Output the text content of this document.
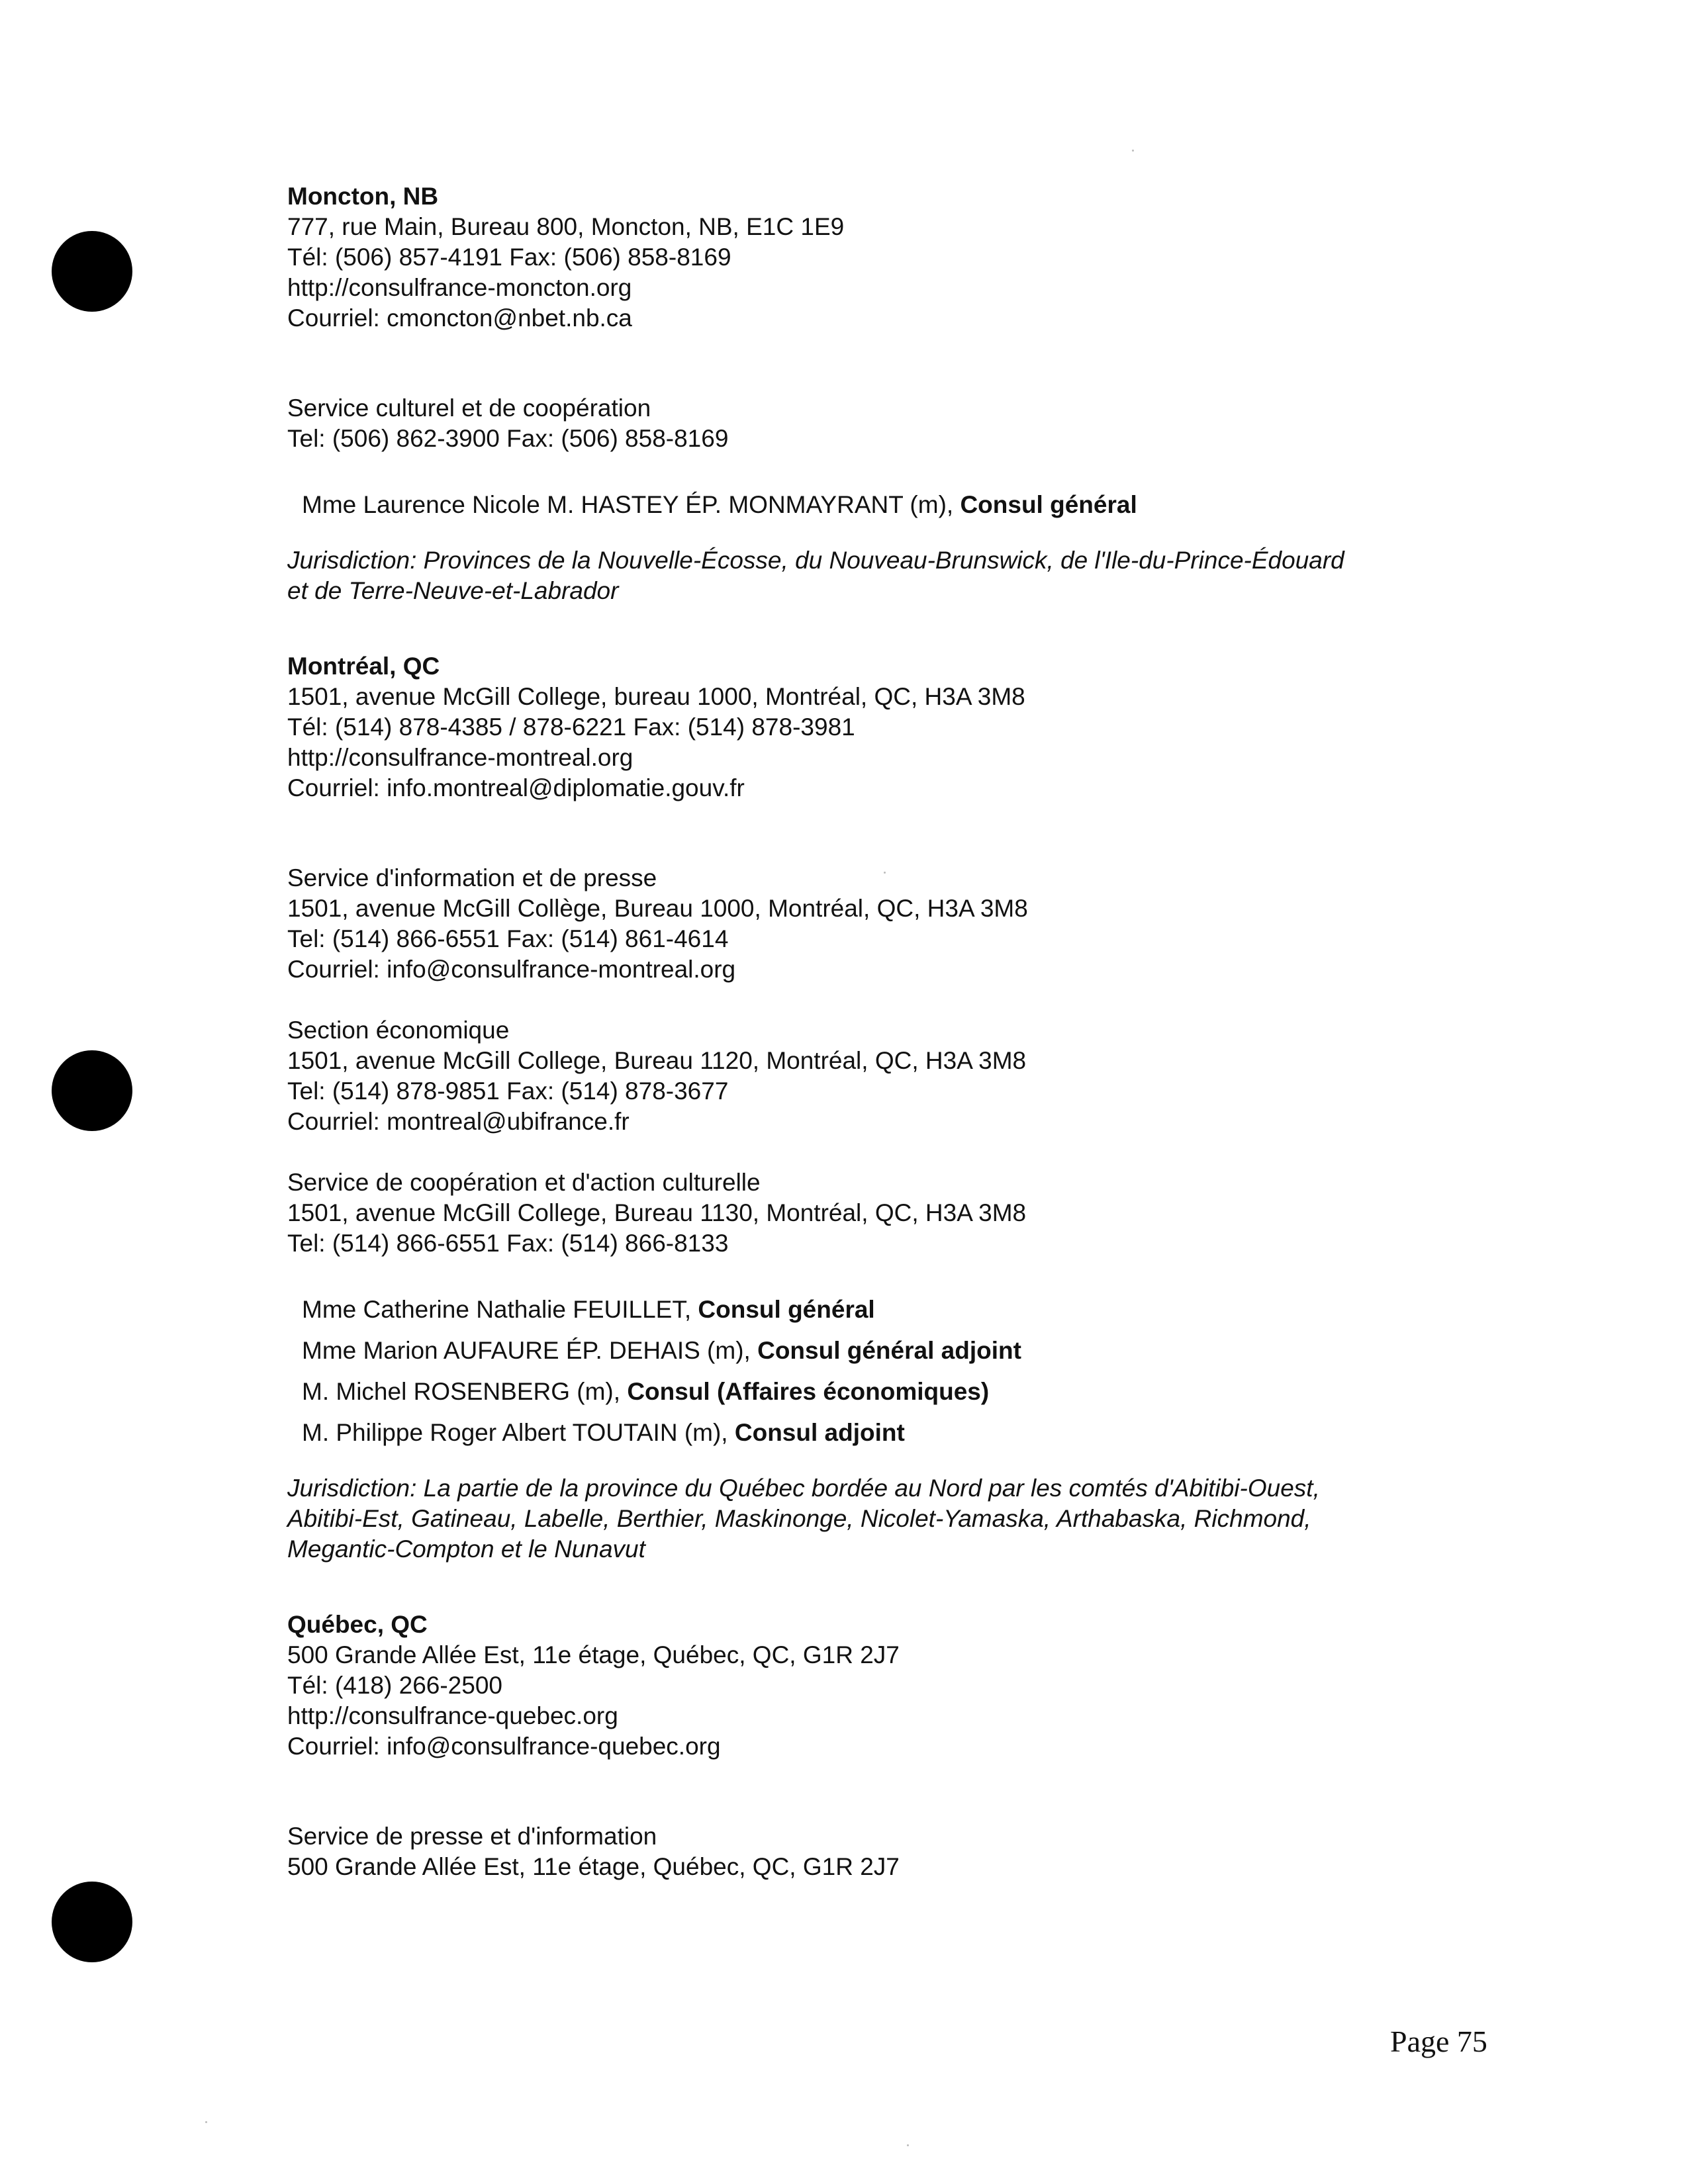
Moncton, NB
777, rue Main, Bureau 800, Moncton, NB, E1C 1E9
Tél: (506) 857-4191 Fax: (506) 858-8169
http://consulfrance-moncton.org
Courriel: cmoncton@nbet.nb.ca
Service culturel et de coopération
Tel: (506) 862-3900 Fax: (506) 858-8169
Mme Laurence Nicole M. HASTEY ÉP. MONMAYRANT (m), Consul général
Jurisdiction: Provinces de la Nouvelle-Écosse, du Nouveau-Brunswick, de l'Ile-du-Prince-Édouard
et de Terre-Neuve-et-Labrador
Montréal, QC
1501, avenue McGill College, bureau 1000, Montréal, QC, H3A 3M8
Tél: (514) 878-4385 / 878-6221 Fax: (514) 878-3981
http://consulfrance-montreal.org
Courriel: info.montreal@diplomatie.gouv.fr
Service d'information et de presse
1501, avenue McGill Collège, Bureau 1000, Montréal, QC, H3A 3M8
Tel: (514) 866-6551 Fax: (514) 861-4614
Courriel: info@consulfrance-montreal.org
Section économique
1501, avenue McGill College, Bureau 1120, Montréal, QC, H3A 3M8
Tel: (514) 878-9851 Fax: (514) 878-3677
Courriel: montreal@ubifrance.fr
Service de coopération et d'action culturelle
1501, avenue McGill College, Bureau 1130, Montréal, QC, H3A 3M8
Tel: (514) 866-6551 Fax: (514) 866-8133
Mme Catherine Nathalie FEUILLET, Consul général
Mme Marion AUFAURE ÉP. DEHAIS (m), Consul général adjoint
M. Michel ROSENBERG (m), Consul (Affaires économiques)
M. Philippe Roger Albert TOUTAIN (m), Consul adjoint
Jurisdiction: La partie de la province du Québec bordée au Nord par les comtés d'Abitibi-Ouest,
Abitibi-Est, Gatineau, Labelle, Berthier, Maskinonge, Nicolet-Yamaska, Arthabaska, Richmond,
Megantic-Compton et le Nunavut
Québec, QC
500 Grande Allée Est, 11e étage, Québec, QC, G1R 2J7
Tél: (418) 266-2500
http://consulfrance-quebec.org
Courriel: info@consulfrance-quebec.org
Service de presse et d'information
500 Grande Allée Est, 11e étage, Québec, QC, G1R 2J7
Page 75
